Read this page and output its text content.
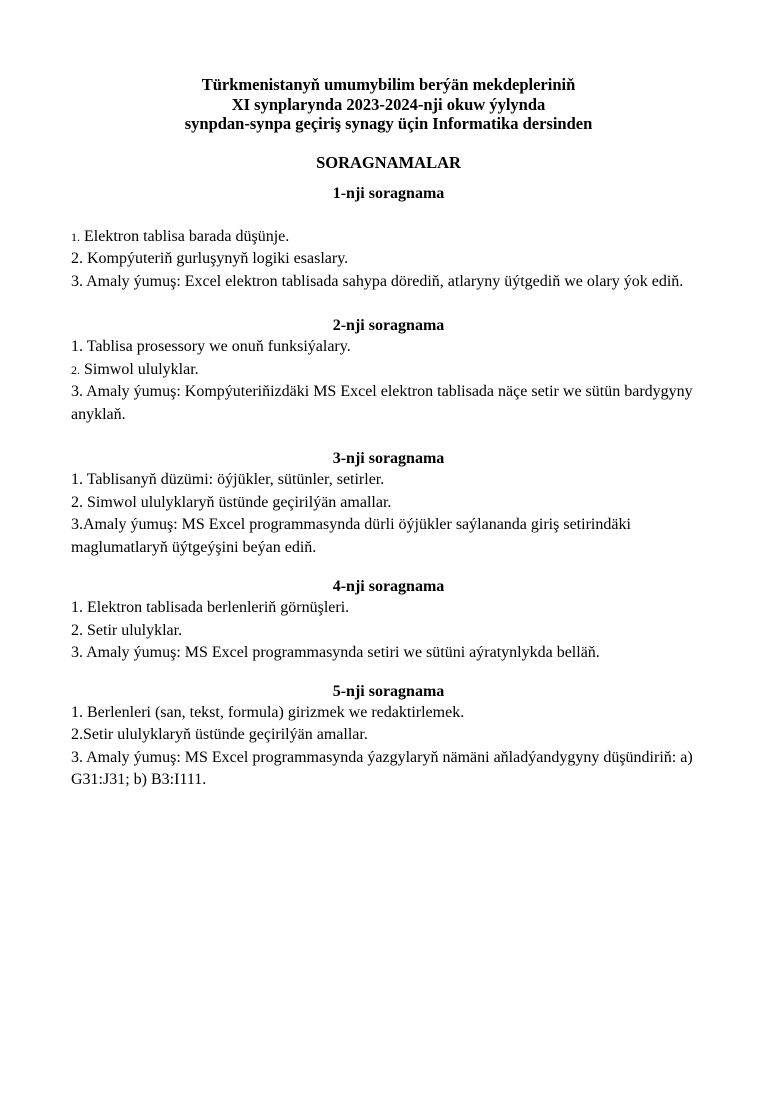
Türkmenistanyň umumybilim berýän mekdepleriniň
XI synplarynda 2023-2024-nji okuw ýylynda
synpdan-synpa geçiriş synagy üçin Informatika dersinden
SORAGNAMALAR
1-nji soragnama
1. Elektron tablisa barada düşünje.
2. Kompýuteriň gurluşynyň logiki esaslary.
3. Amaly ýumuş: Excel elektron tablisada sahypa dörediň, atlaryny üýtgediň we olary ýok ediň.
2-nji soragnama
1. Tablisa prosessory we onuň funksiýalary.
2. Simwol ululyklar.
3. Amaly ýumuş: Kompýuteriňizdäki MS Excel elektron tablisada näçe setir we sütün bardygyny anyklaň.
3-nji soragnama
1. Tablisanyň düzümi: öýjükler, sütünler, setirler.
2. Simwol ululyklaryň üstünde geçirilýän amallar.
3.Amaly ýumuş: MS Excel programmasynda dürli öýjükler saýlananda giriş setirindäki maglumatlaryň üýtgeýşini beýan ediň.
4-nji soragnama
1. Elektron tablisada berlenleriň görnüşleri.
2. Setir ululyklar.
3. Amaly ýumuş: MS Excel programmasynda setiri we sütüni aýratynlykda belläň.
5-nji soragnama
1. Berlenleri (san, tekst, formula) girizmek we redaktirlemek.
2.Setir ululyklaryň üstünde geçirilýän amallar.
3. Amaly ýumuş: MS Excel programmasynda ýazgylaryň nämäni aňladýandygyny düşündiriň: a) G31:J31; b) B3:I111.
